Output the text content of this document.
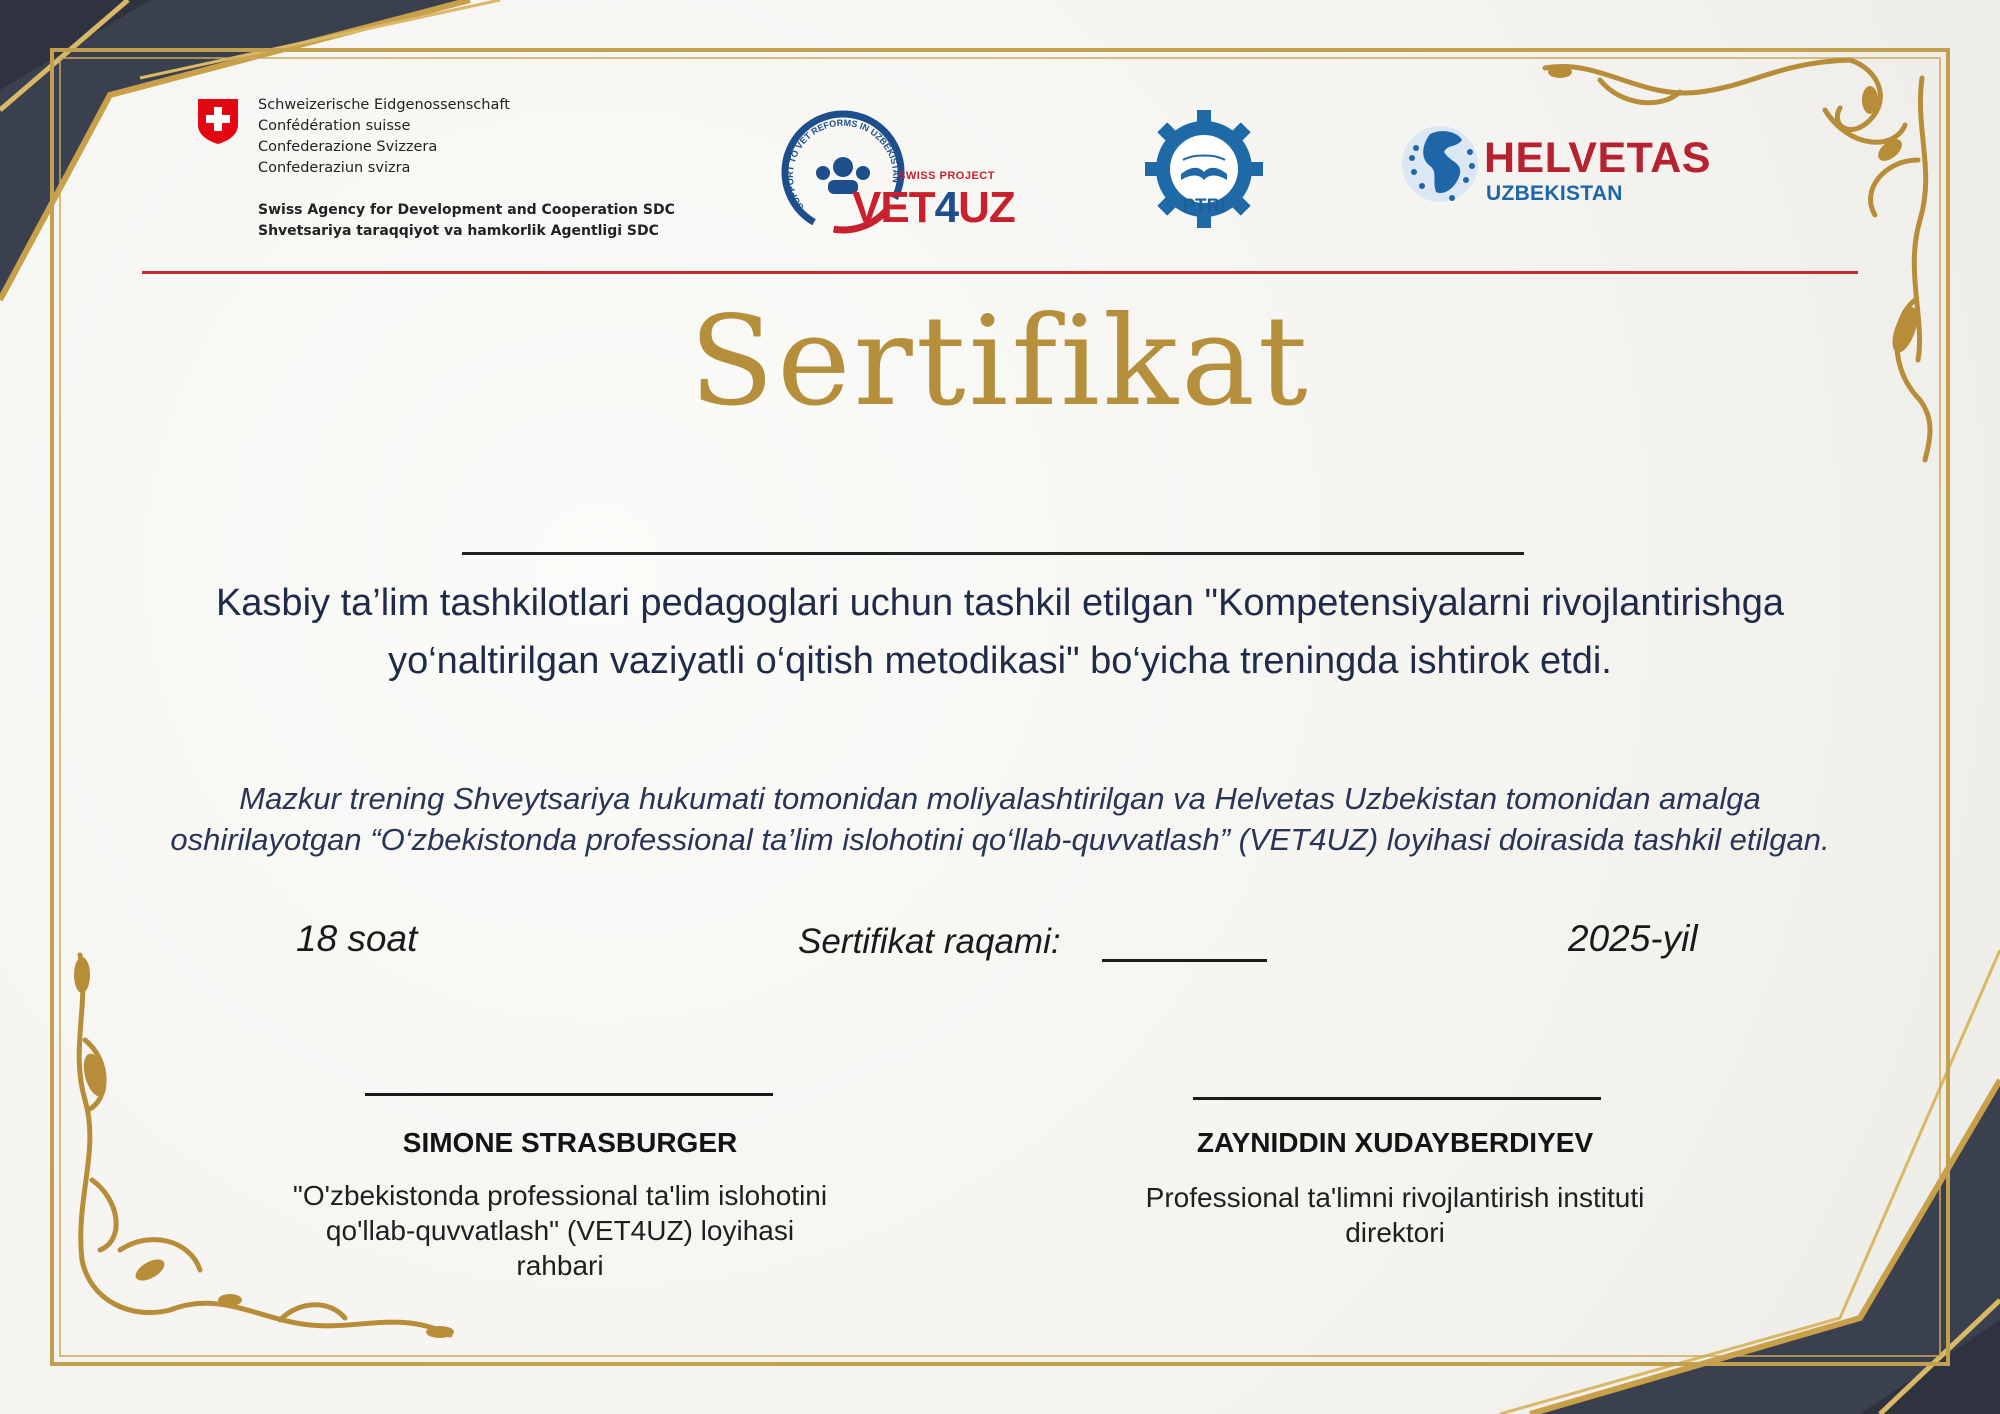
Schweizerische Eidgenossenschaft
Confédération suisse
Confederazione Svizzera
Confederaziun svizra
Swiss Agency for Development and Cooperation SDC
Shvetsariya taraqqiyot va hamkorlik Agentligi SDC
SUPPORT TO VET REFORMS IN UZBEKISTAN
SWISS PROJECT
VET4UZ	PTRI
HELVETAS
UZBEKISTAN
Sertifikat
Kasbiy ta’lim tashkilotlari pedagoglari uchun tashkil etilgan "Kompetensiyalarni rivojlantirishga yo‘naltirilgan vaziyatli o‘qitish metodikasi" bo‘yicha treningda ishtirok etdi.
Mazkur trening Shveytsariya hukumati tomonidan moliyalashtirilgan va Helvetas Uzbekistan tomonidan amalga oshirilayotgan “O‘zbekistonda professional ta’lim islohotini qo‘llab-quvvatlash” (VET4UZ) loyihasi doirasida tashkil etilgan.
18 soat	Sertifikat raqami:	2025-yil
SIMONE STRASBURGER
"O'zbekistonda professional ta'lim islohotini qo'llab-quvvatlash" (VET4UZ) loyihasi rahbari
ZAYNIDDIN XUDAYBERDIYEV
Professional ta'limni rivojlantirish instituti direktori
